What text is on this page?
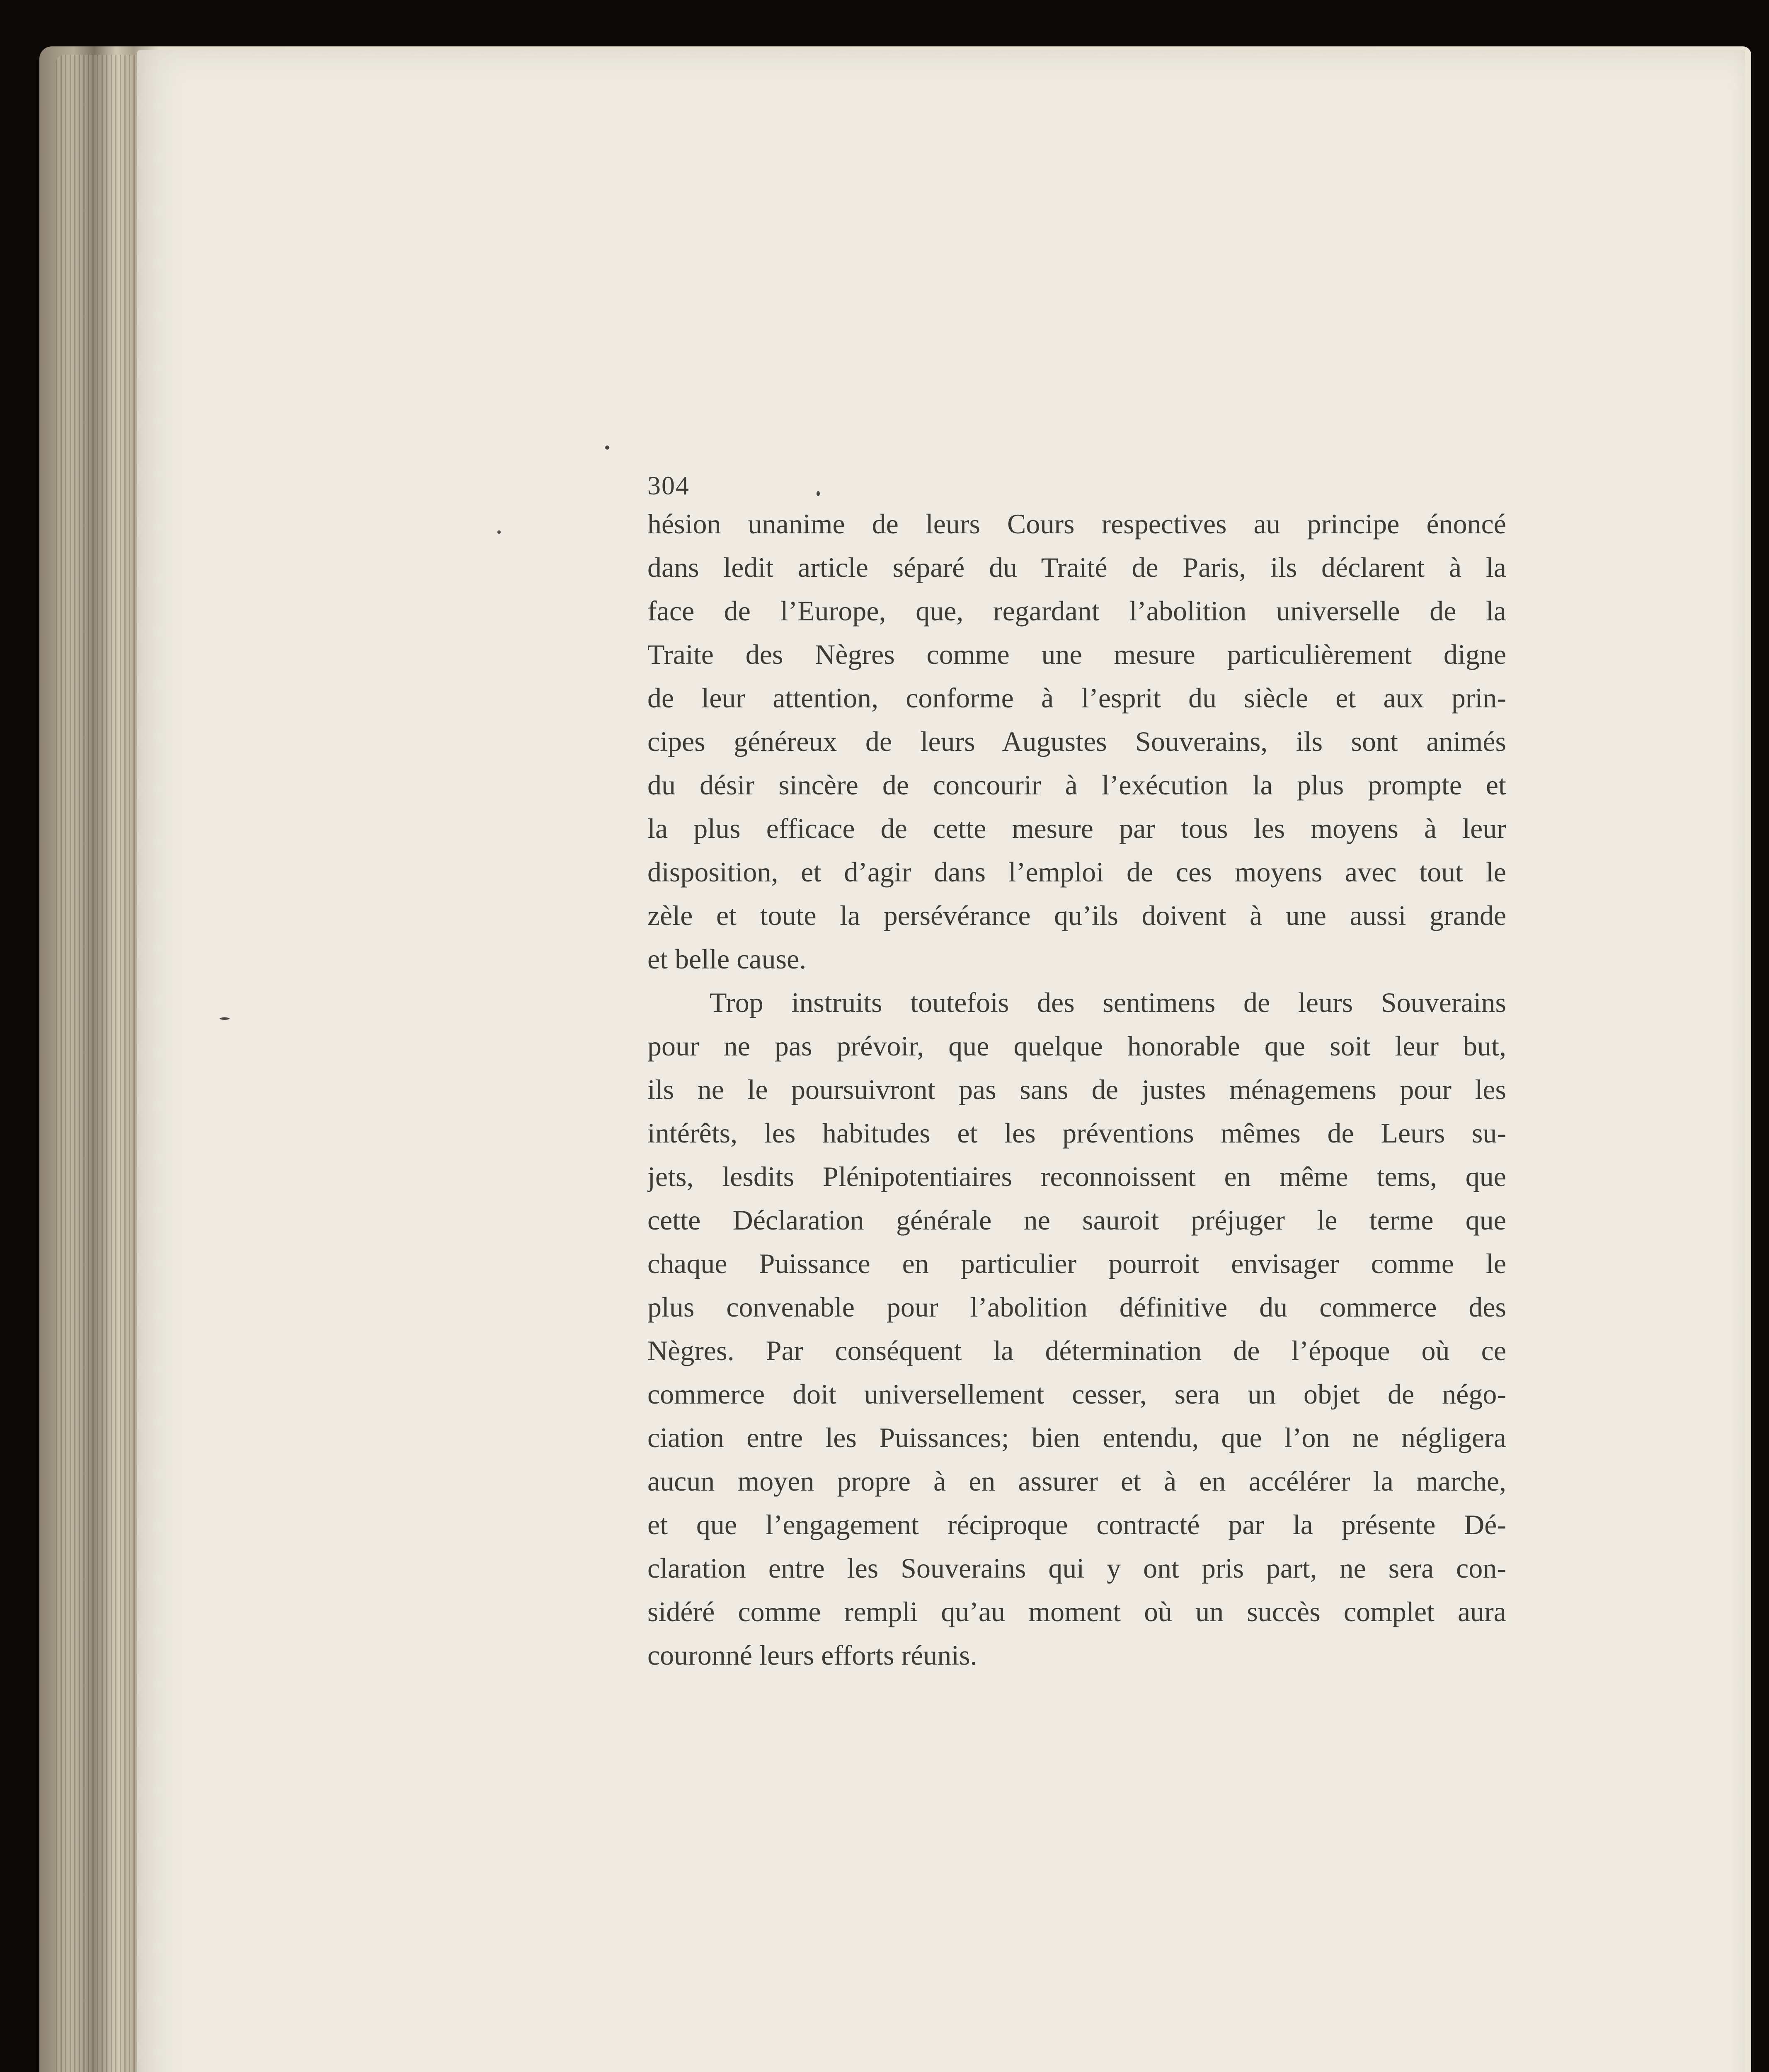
304
hésion unanime de leurs Cours respectives au principe énoncé
dans ledit article séparé du Traité de Paris, ils déclarent à la
face de l’Europe, que, regardant l’abolition universelle de la
Traite des Nègres comme une mesure particulièrement digne
de leur attention, conforme à l’esprit du siècle et aux prin-
cipes généreux de leurs Augustes Souverains, ils sont animés
du désir sincère de concourir à l’exécution la plus prompte et
la plus efficace de cette mesure par tous les moyens à leur
disposition, et d’agir dans l’emploi de ces moyens avec tout le
zèle et toute la persévérance qu’ils doivent à une aussi grande
et belle cause.
Trop instruits toutefois des sentimens de leurs Souverains
pour ne pas prévoir, que quelque honorable que soit leur but,
ils ne le poursuivront pas sans de justes ménagemens pour les
intérêts, les habitudes et les préventions mêmes de Leurs su-
jets, lesdits Plénipotentiaires reconnoissent en même tems, que
cette Déclaration générale ne sauroit préjuger le terme que
chaque Puissance en particulier pourroit envisager comme le
plus convenable pour l’abolition définitive du commerce des
Nègres. Par conséquent la détermination de l’époque où ce
commerce doit universellement cesser, sera un objet de négo-
ciation entre les Puissances; bien entendu, que l’on ne négligera
aucun moyen propre à en assurer et à en accélérer la marche,
et que l’engagement réciproque contracté par la présente Dé-
claration entre les Souverains qui y ont pris part, ne sera con-
sidéré comme rempli qu’au moment où un succès complet aura
couronné leurs efforts réunis.
